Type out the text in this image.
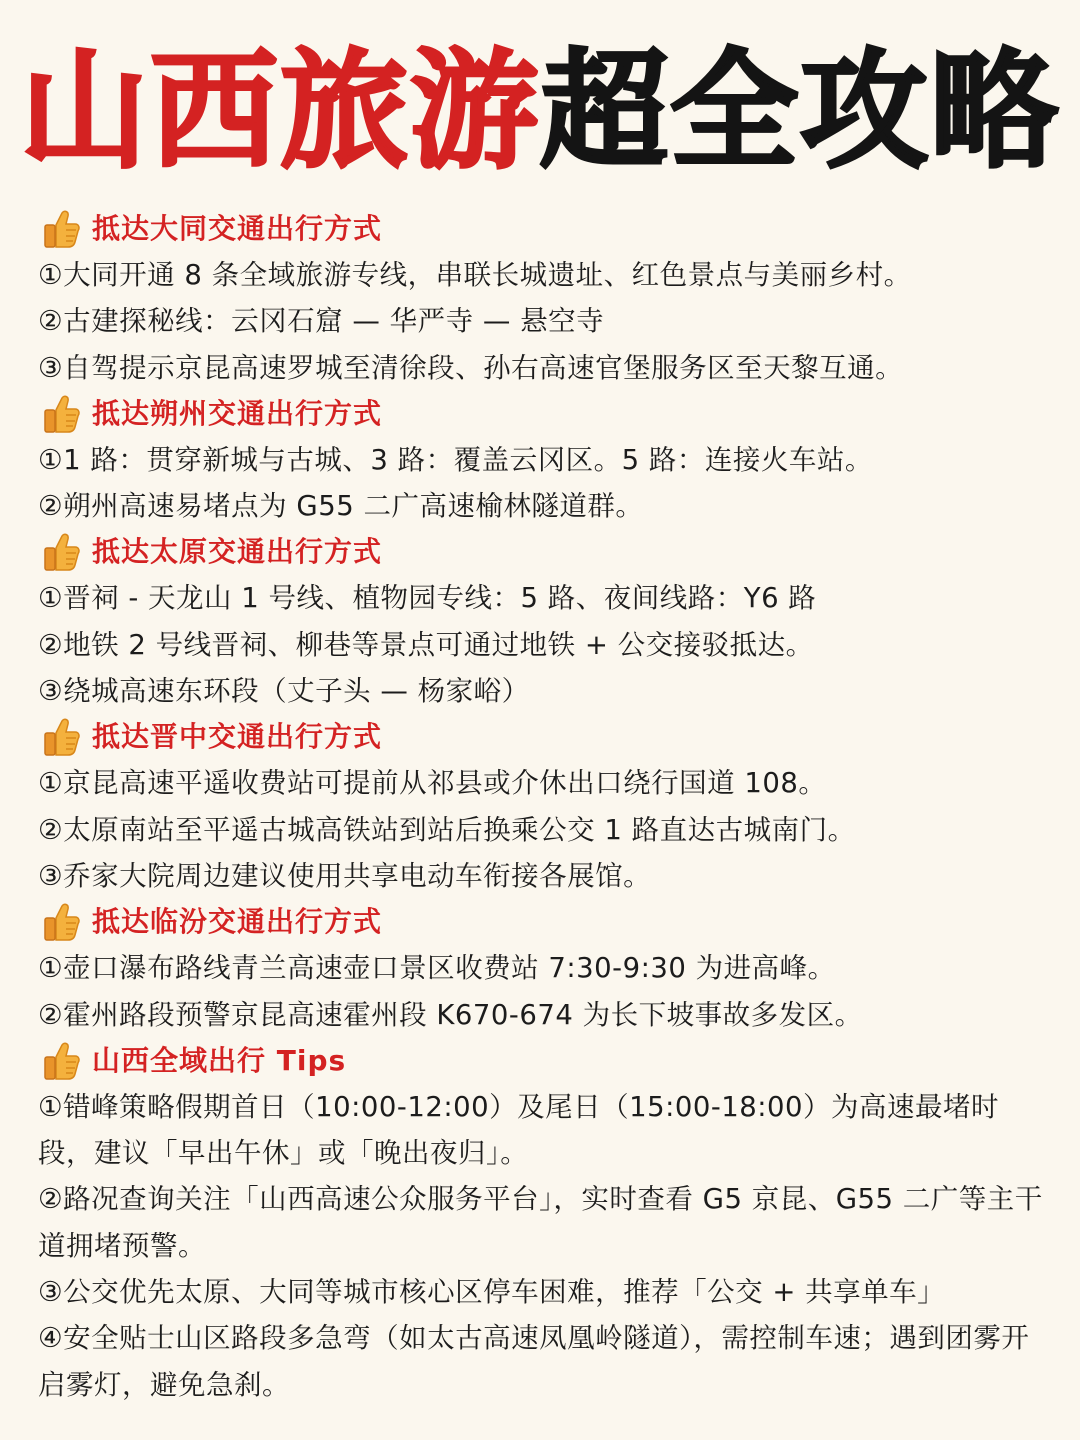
山西旅游超全攻略
抵达大同交通出行方式
①大同开通 8 条全域旅游专线，串联长城遗址、红色景点与美丽乡村。
②古建探秘线：云冈石窟 — 华严寺 — 悬空寺
③自驾提示京昆高速罗城至清徐段、孙右高速官堡服务区至天黎互通。
抵达朔州交通出行方式
①1 路：贯穿新城与古城、3 路：覆盖云冈区。5 路：连接火车站。
②朔州高速易堵点为 G55 二广高速榆林隧道群。
抵达太原交通出行方式
①晋祠 - 天龙山 1 号线、植物园专线：5 路、夜间线路：Y6 路
②地铁 2 号线晋祠、柳巷等景点可通过地铁 + 公交接驳抵达。
③绕城高速东环段（丈子头 — 杨家峪）
抵达晋中交通出行方式
①京昆高速平遥收费站可提前从祁县或介休出口绕行国道 108。
②太原南站至平遥古城高铁站到站后换乘公交 1 路直达古城南门。
③乔家大院周边建议使用共享电动车衔接各展馆。
抵达临汾交通出行方式
①壶口瀑布路线青兰高速壶口景区收费站 7:30-9:30 为进高峰。
②霍州路段预警京昆高速霍州段 K670-674 为长下坡事故多发区。
山西全域出行 Tips
①错峰策略假期首日（10:00-12:00）及尾日（15:00-18:00）为高速最堵时段，建议「早出午休」或「晚出夜归」。
②路况查询关注「山西高速公众服务平台」，实时查看 G5 京昆、G55 二广等主干道拥堵预警。
③公交优先太原、大同等城市核心区停车困难，推荐「公交 + 共享单车」
④安全贴士山区路段多急弯（如太古高速凤凰岭隧道），需控制车速；遇到团雾开启雾灯，避免急刹。
